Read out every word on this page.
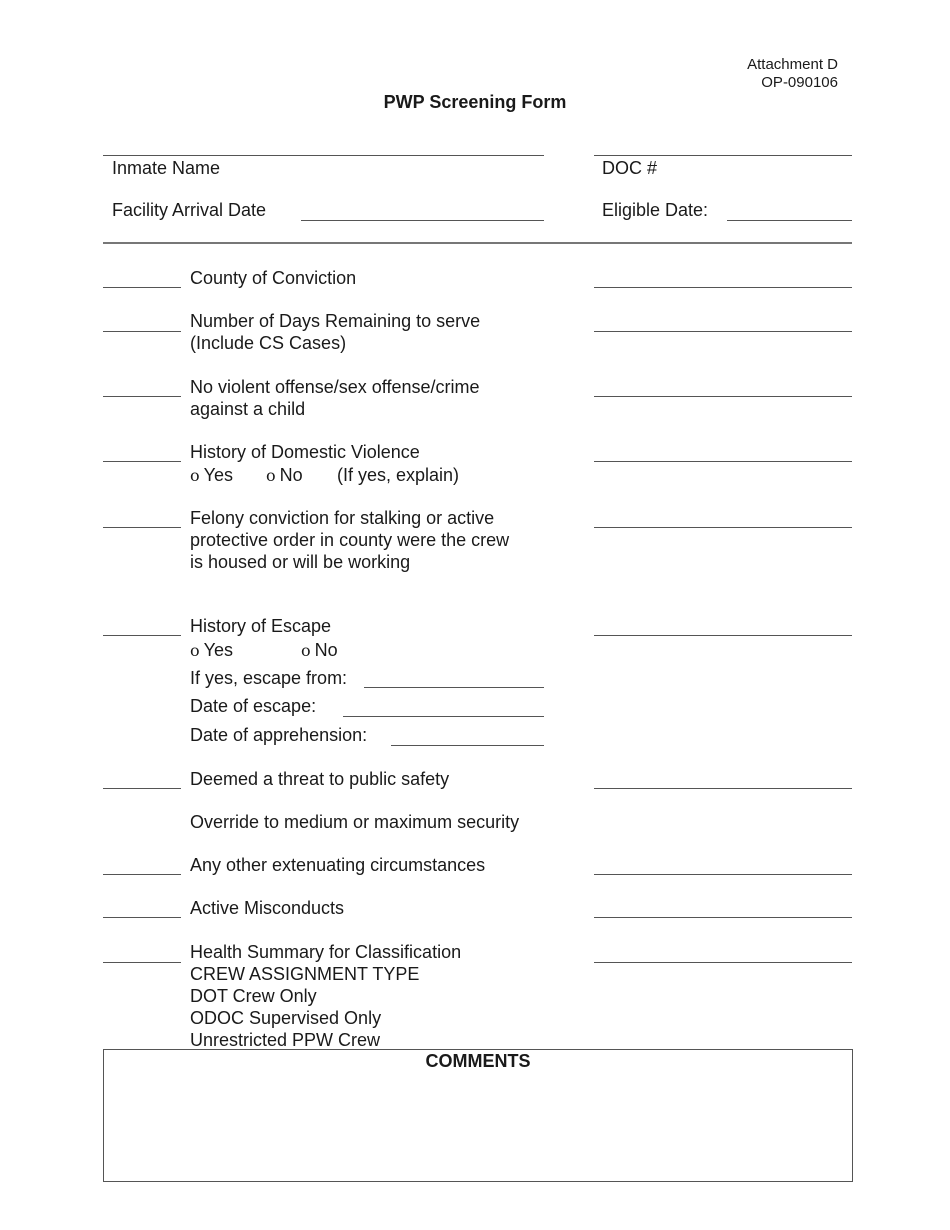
Attachment D
OP-090106
PWP Screening Form
Inmate Name	DOC #
Facility Arrival Date	Eligible Date:
County of Conviction
Number of Days Remaining to serve
(Include CS Cases)
No violent offense/sex offense/crime
against a child
History of Domestic Violence
o Yes o No (If yes, explain)
Felony conviction for stalking or active
protective order in county were the crew
is housed or will be working
History of Escape
o Yes	o No
If yes, escape from:
Date of escape:
Date of apprehension:
Deemed a threat to public safety
Override to medium or maximum security
Any other extenuating circumstances
Active Misconducts
Health Summary for Classification
CREW ASSIGNMENT TYPE
DOT Crew Only
ODOC Supervised Only
Unrestricted PPW Crew
COMMENTS
